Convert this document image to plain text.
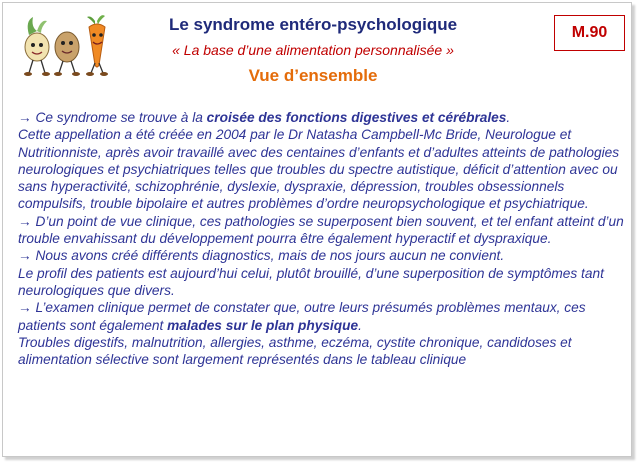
Le syndrome entéro-psychologique
« La base d’une alimentation personnalisée »
Vue d’ensemble
M.90

→ Ce syndrome se trouve à la croisée des fonctions digestives et cérébrales.

Cette appellation a été créée en 2004 par le Dr Natasha Campbell-Mc Bride, Neurologue et Nutritionniste, après avoir travaillé avec des centaines d’enfants et d’adultes atteints de pathologies neurologiques et psychiatriques telles que troubles du spectre autistique, déficit d’attention avec ou sans hyperactivité, schizophrénie, dyslexie, dyspraxie, dépression, troubles obsessionnels compulsifs, trouble bipolaire et autres problèmes d’ordre neuropsychologique et psychiatrique.

→ D’un point de vue clinique, ces pathologies se superposent bien souvent, et tel enfant atteint d’un trouble envahissant du développement pourra être également hyperactif et dyspraxique.

→ Nous avons créé différents diagnostics, mais de nos jours aucun ne convient.

Le profil des patients est aujourd’hui celui, plutôt brouillé, d’une superposition de symptômes tant neurologiques que divers.

→ L’examen clinique permet de constater que, outre leurs présumés problèmes mentaux, ces patients sont également malades sur le plan physique.

Troubles digestifs, malnutrition, allergies, asthme, eczéma, cystite chronique, candidoses et alimentation sélective sont largement représentés dans le tableau clinique
